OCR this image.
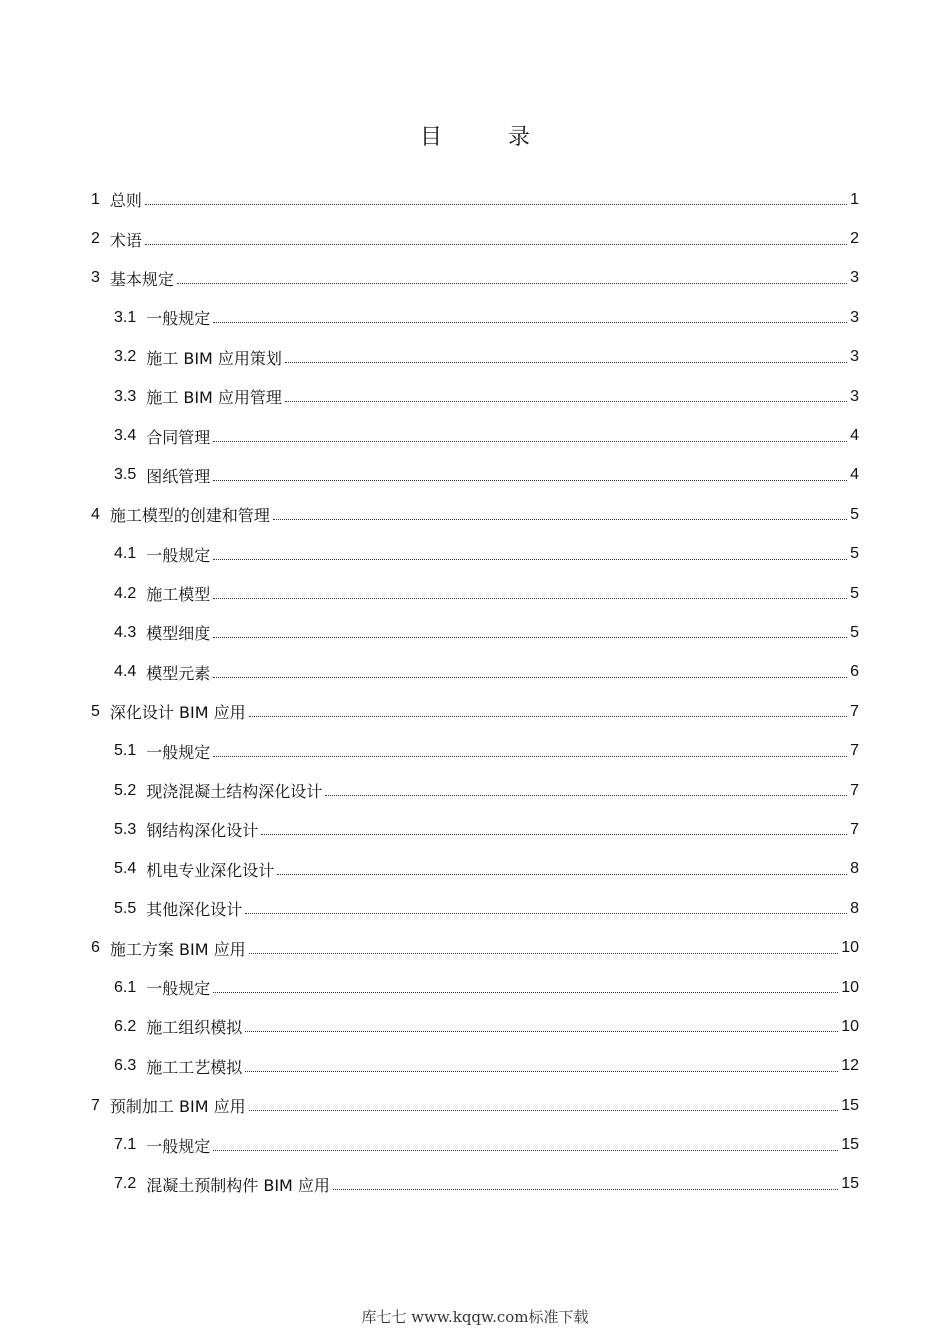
目　录
1 总则	1
2 术语	2
3 基本规定	3
3.1 一般规定	3
3.2 施工 BIM 应用策划	3
3.3 施工 BIM 应用管理	3
3.4 合同管理	4
3.5 图纸管理	4
4 施工模型的创建和管理	5
4.1 一般规定	5
4.2 施工模型	5
4.3 模型细度	5
4.4 模型元素	6
5 深化设计 BIM 应用	7
5.1 一般规定	7
5.2 现浇混凝土结构深化设计	7
5.3 钢结构深化设计	7
5.4 机电专业深化设计	8
5.5 其他深化设计	8
6 施工方案 BIM 应用	10
6.1 一般规定	10
6.2 施工组织模拟	10
6.3 施工工艺模拟	12
7 预制加工 BIM 应用	15
7.1 一般规定	15
7.2 混凝土预制构件 BIM 应用	15
库七七 www.kqqw.com标准下载
